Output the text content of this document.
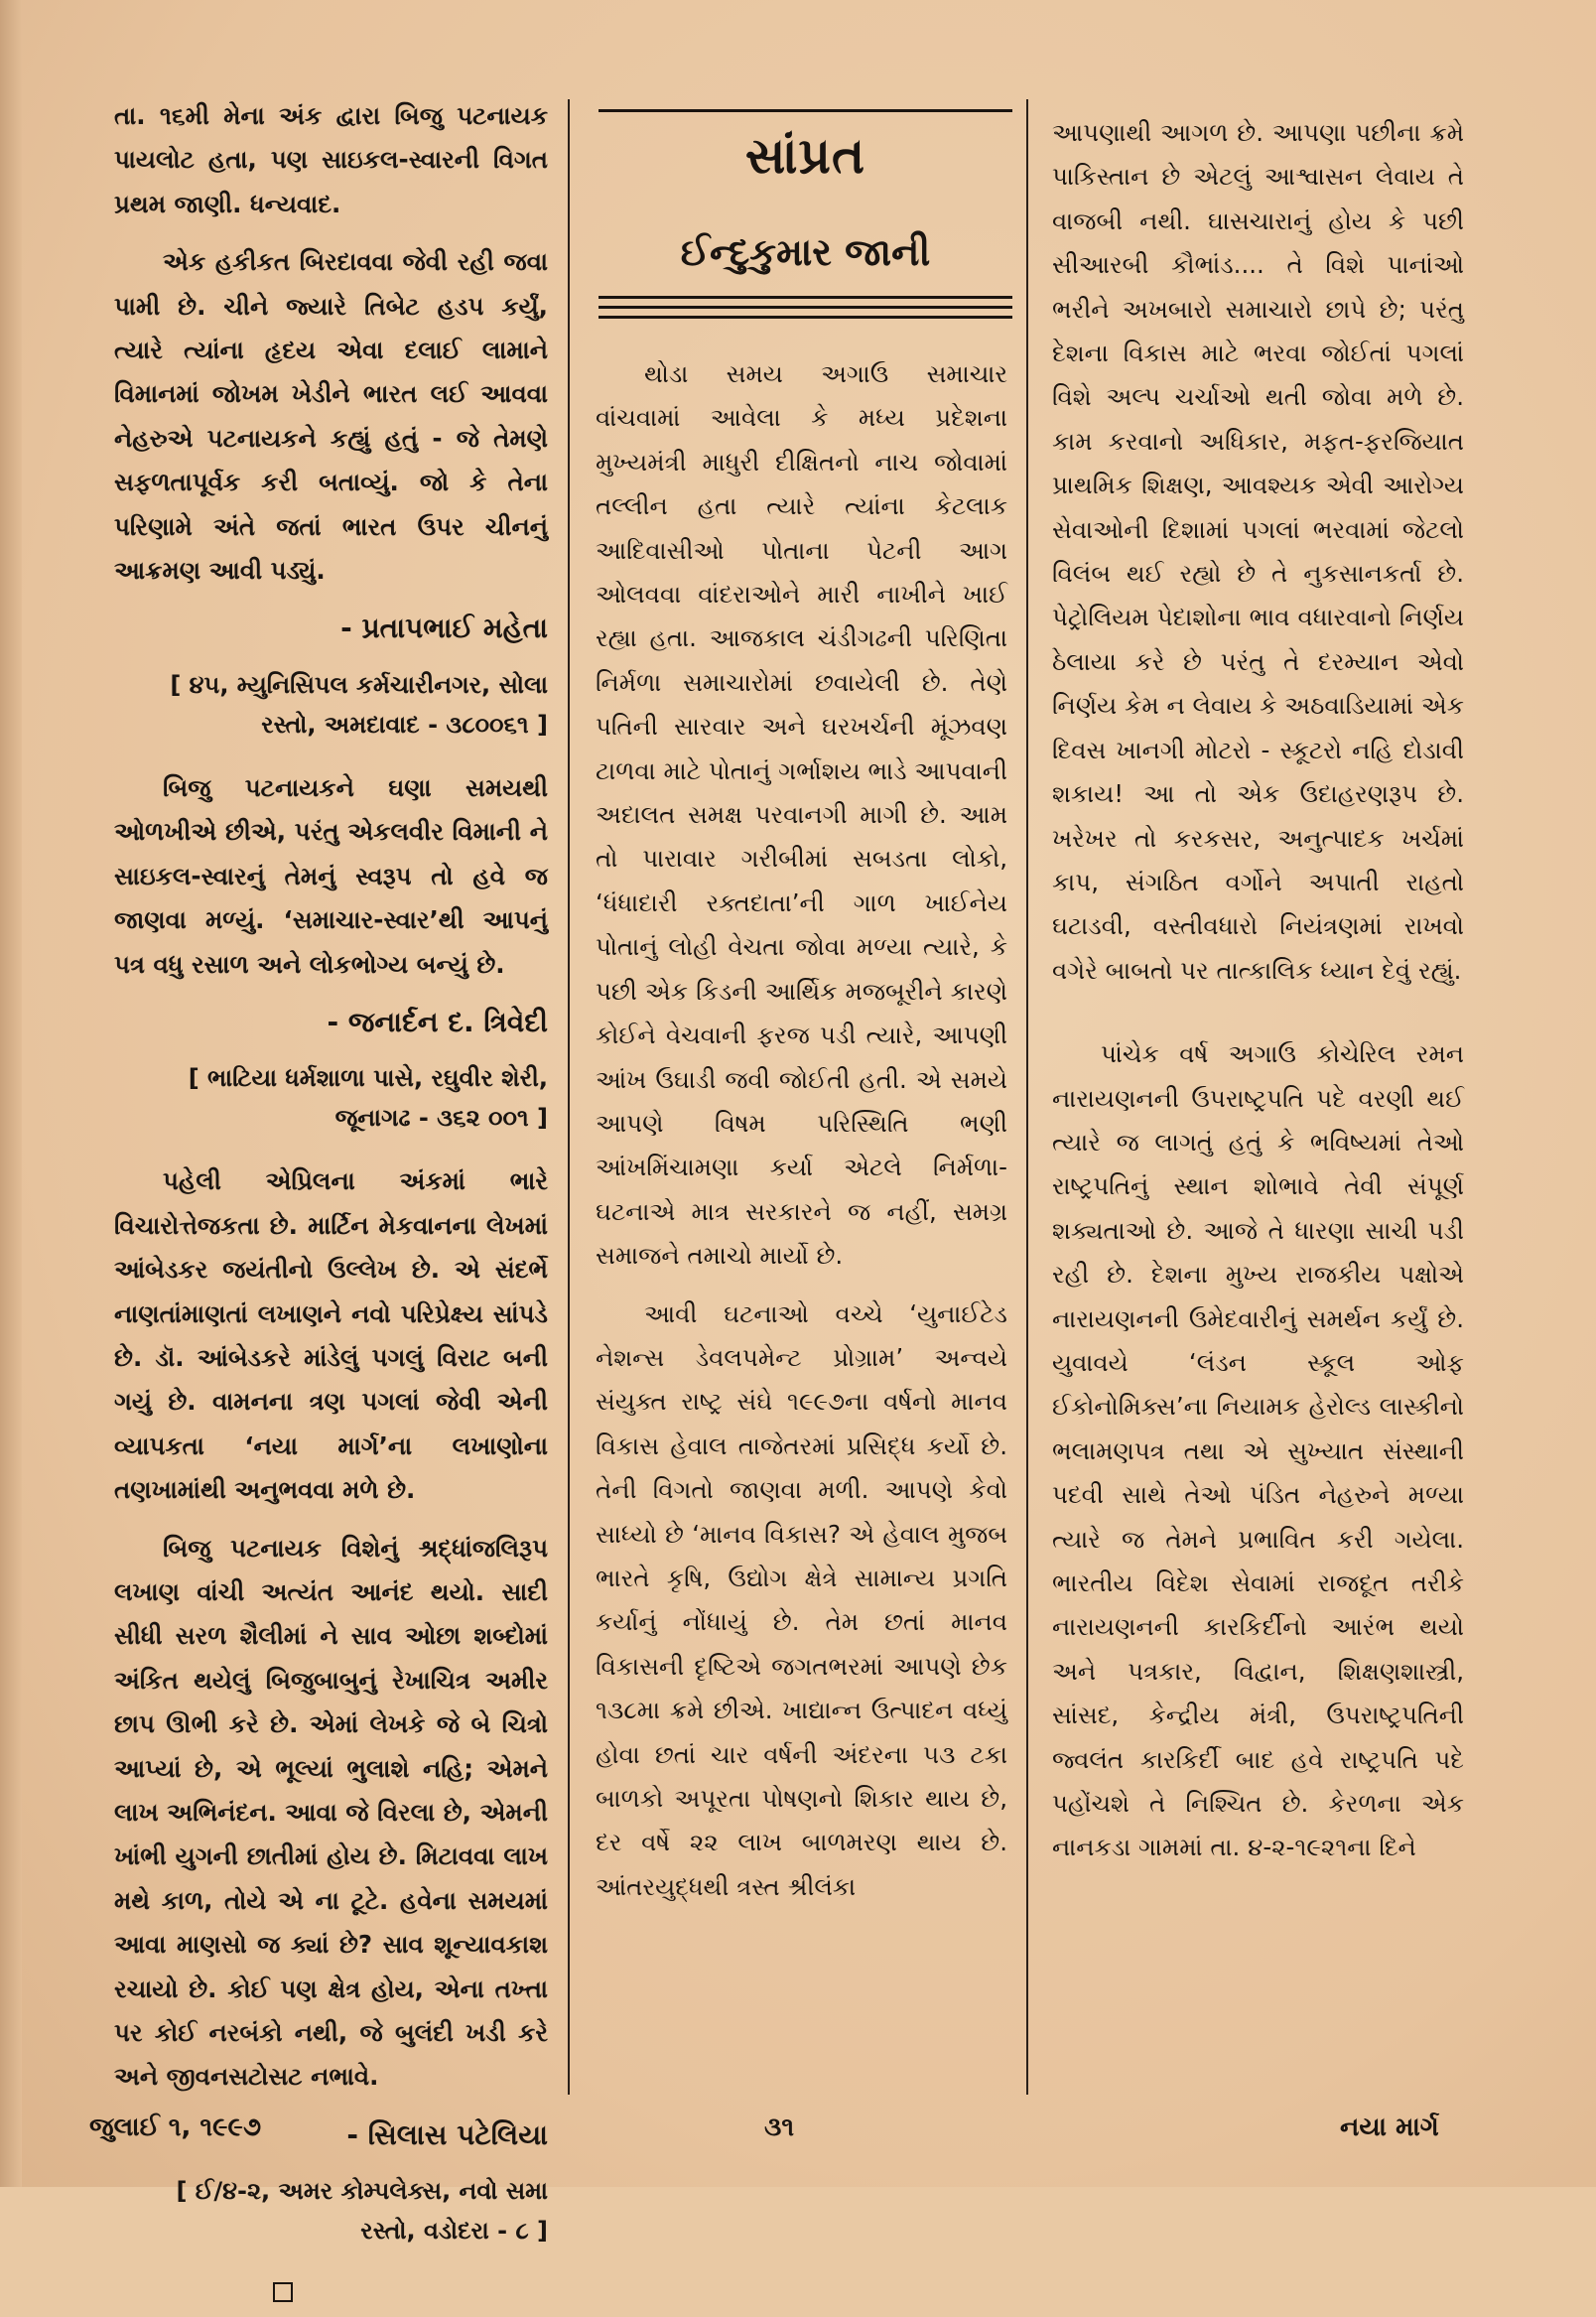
તા. ૧૬મી મેના અંક દ્વારા બિજુ પટનાયક પાયલોટ હતા, પણ સાઇકલ-સ્વારની વિગત પ્રથમ જાણી. ધન્યવાદ.

એક હકીકત બિરદાવવા જેવી રહી જવા પામી છે. ચીને જ્યારે તિબેટ હડપ કર્યું, ત્યારે ત્યાંના હૃદય એવા દલાઈ લામાને વિમાનમાં જોખમ ખેડીને ભારત લઈ આવવા નેહરુએ પટનાયકને કહ્યું હતું - જે તેમણે સફળતાપૂર્વક કરી બતાવ્યું. જો કે તેના પરિણામે અંતે જતાં ભારત ઉપર ચીનનું આક્રમણ આવી પડ્યું.

- પ્રતાપભાઈ મહેતા
[ ૪૫, મ્યુનિસિપલ કર્મચારીનગર, સોલા રસ્તો, અમદાવાદ - ૩૮૦૦૬૧ ]

બિજુ પટનાયકને ઘણા સમયથી ઓળખીએ છીએ, પરંતુ એકલવીર વિમાની ને સાઇકલ-સ્વારનું તેમનું સ્વરૂપ તો હવે જ જાણવા મળ્યું. ‘સમાચાર-સ્વાર’થી આપનું પત્ર વધુ રસાળ અને લોકભોગ્ય બન્યું છે.

- જનાર્દન દ. ત્રિવેદી
[ ભાટિયા ધર્મશાળા પાસે, રઘુવીર શેરી, જૂનાગઢ - ૩૬૨ ૦૦૧ ]

પહેલી એપ્રિલના અંકમાં ભારે વિચારોત્તેજકતા છે. માર્ટિન મેકવાનના લેખમાં આંબેડકર જયંતીનો ઉલ્લેખ છે. એ સંદર્ભે નાણતાંમાણતાં લખાણને નવો પરિપ્રેક્ષ્ય સાંપડે છે. ડૉ. આંબેડકરે માંડેલું પગલું વિરાટ બની ગયું છે. વામનના ત્રણ પગલાં જેવી એની વ્યાપકતા ‘નયા માર્ગ’ના લખાણોના તણખામાંથી અનુભવવા મળે છે.

બિજુ પટનાયક વિશેનું શ્રદ્ધાંજલિરૂપ લખાણ વાંચી અત્યંત આનંદ થયો. સાદી સીધી સરળ શૈલીમાં ને સાવ ઓછા શબ્દોમાં અંકિત થયેલું બિજુબાબુનું રેખાચિત્ર અમીર છાપ ઊભી કરે છે. એમાં લેખકે જે બે ચિત્રો આપ્યાં છે, એ ભૂલ્યાં ભુલાશે નહિ; એમને લાખ અભિનંદન. આવા જે વિરલા છે, એમની ખાંભી યુગની છાતીમાં હોય છે. મિટાવવા લાખ મથે કાળ, તોયે એ ના ટૂટે. હવેના સમયમાં આવા માણસો જ ક્યાં છે? સાવ શૂન્યાવકાશ રચાયો છે. કોઈ પણ ક્ષેત્ર હોય, એના તખ્તા પર કોઈ નરબંકો નથી, જે બુલંદી ખડી કરે અને જીવનસટોસટ નભાવે.

- સિલાસ પટેલિયા
[ ઈ/૪-૨, અમર કોમ્પલેક્સ, નવો સમા રસ્તો, વડોદરા - ૮ ]
સાંપ્રત
ઈન્દુકુમાર જાની

થોડા સમય અગાઉ સમાચાર વાંચવામાં આવેલા કે મધ્ય પ્રદેશના મુખ્યમંત્રી માધુરી દીક્ષિતનો નાચ જોવામાં તલ્લીન હતા ત્યારે ત્યાંના કેટલાક આદિવાસીઓ પોતાના પેટની આગ ઓલવવા વાંદરાઓને મારી નાખીને ખાઈ રહ્યા હતા. આજકાલ ચંડીગઢની પરિણિતા નિર્મળા સમાચારોમાં છવાયેલી છે. તેણે પતિની સારવાર અને ઘરખર્ચની મૂંઝવણ ટાળવા માટે પોતાનું ગર્ભાશય ભાડે આપવાની અદાલત સમક્ષ પરવાનગી માગી છે. આમ તો પારાવાર ગરીબીમાં સબડતા લોકો, ‘ધંધાદારી રક્તદાતા’ની ગાળ ખાઈનેય પોતાનું લોહી વેચતા જોવા મળ્યા ત્યારે, કે પછી એક કિડની આર્થિક મજબૂરીને કારણે કોઈને વેચવાની ફરજ પડી ત્યારે, આપણી આંખ ઉઘાડી જવી જોઈતી હતી. એ સમયે આપણે વિષમ પરિસ્થિતિ ભણી આંખમિંચામણા કર્યા એટલે નિર્મળા-ઘટનાએ માત્ર સરકારને જ નહીં, સમગ્ર સમાજને તમાચો માર્યો છે.

આવી ઘટનાઓ વચ્ચે ‘યુનાઈટેડ નેશન્સ ડેવલપમેન્ટ પ્રોગ્રામ’ અન્વયે સંયુક્ત રાષ્ટ્ર સંઘે ૧૯૯૭ના વર્ષનો માનવ વિકાસ હેવાલ તાજેતરમાં પ્રસિદ્ધ કર્યો છે. તેની વિગતો જાણવા મળી. આપણે કેવો સાધ્યો છે ‘માનવ વિકાસ? એ હેવાલ મુજબ ભારતે કૃષિ, ઉદ્યોગ ક્ષેત્રે સામાન્ય પ્રગતિ કર્યાનું નોંધાયું છે. તેમ છતાં માનવ વિકાસની દૃષ્ટિએ જગતભરમાં આપણે છેક ૧૩૮મા ક્રમે છીએ. ખાદ્યાન્ન ઉત્પાદન વધ્યું હોવા છતાં ચાર વર્ષની અંદરના ૫૩ ટકા બાળકો અપૂરતા પોષણનો શિકાર થાય છે, દર વર્ષે ૨૨ લાખ બાળમરણ થાય છે. આંતરયુદ્ધથી ત્રસ્ત શ્રીલંકા

આપણાથી આગળ છે. આપણા પછીના ક્રમે પાકિસ્તાન છે એટલું આશ્વાસન લેવાય તે વાજબી નથી. ઘાસચારાનું હોય કે પછી સીઆરબી કૌભાંડ.... તે વિશે પાનાંઓ ભરીને અખબારો સમાચારો છાપે છે; પરંતુ દેશના વિકાસ માટે ભરવા જોઈતાં પગલાં વિશે અલ્પ ચર્ચાઓ થતી જોવા મળે છે. કામ કરવાનો અધિકાર, મફત-ફરજિયાત પ્રાથમિક શિક્ષણ, આવશ્યક એવી આરોગ્ય સેવાઓની દિશામાં પગલાં ભરવામાં જેટલો વિલંબ થઈ રહ્યો છે તે નુકસાનકર્તા છે. પેટ્રોલિયમ પેદાશોના ભાવ વધારવાનો નિર્ણય ઠેલાયા કરે છે પરંતુ તે દરમ્યાન એવો નિર્ણય કેમ ન લેવાય કે અઠવાડિયામાં એક દિવસ ખાનગી મોટરો - સ્કૂટરો નહિ દોડાવી શકાય! આ તો એક ઉદાહરણરૂપ છે. ખરેખર તો કરકસર, અનુત્પાદક ખર્ચમાં કાપ, સંગઠિત વર્ગોને અપાતી રાહતો ઘટાડવી, વસ્તીવધારો નિયંત્રણમાં રાખવો વગેરે બાબતો પર તાત્કાલિક ધ્યાન દેવું રહ્યું.

પાંચેક વર્ષ અગાઉ કોચેરિલ રમન નારાયણનની ઉપરાષ્ટ્રપતિ પદે વરણી થઈ ત્યારે જ લાગતું હતું કે ભવિષ્યમાં તેઓ રાષ્ટ્રપતિનું સ્થાન શોભાવે તેવી સંપૂર્ણ શક્યતાઓ છે. આજે તે ધારણા સાચી પડી રહી છે. દેશના મુખ્ય રાજકીય પક્ષોએ નારાયણનની ઉમેદવારીનું સમર્થન કર્યું છે. યુવાવયે ‘લંડન સ્કૂલ ઓફ ઈકોનોમિક્સ’ના નિયામક હેરોલ્ડ લાસ્કીનો ભલામણપત્ર તથા એ સુખ્યાત સંસ્થાની પદવી સાથે તેઓ પંડિત નેહરુને મળ્યા ત્યારે જ તેમને પ્રભાવિત કરી ગયેલા. ભારતીય વિદેશ સેવામાં રાજદૂત તરીકે નારાયણનની કારકિર્દીનો આરંભ થયો અને પત્રકાર, વિદ્વાન, શિક્ષણશાસ્ત્રી, સાંસદ, કેન્દ્રીય મંત્રી, ઉપરાષ્ટ્રપતિની જ્વલંત કારકિર્દી બાદ હવે રાષ્ટ્રપતિ પદે પહોંચશે તે નિશ્ચિત છે. કેરળના એક નાનકડા ગામમાં તા. ૪-૨-૧૯૨૧ના દિને

જુલાઈ ૧, ૧૯૯૭	૩૧	નયા માર્ગ
